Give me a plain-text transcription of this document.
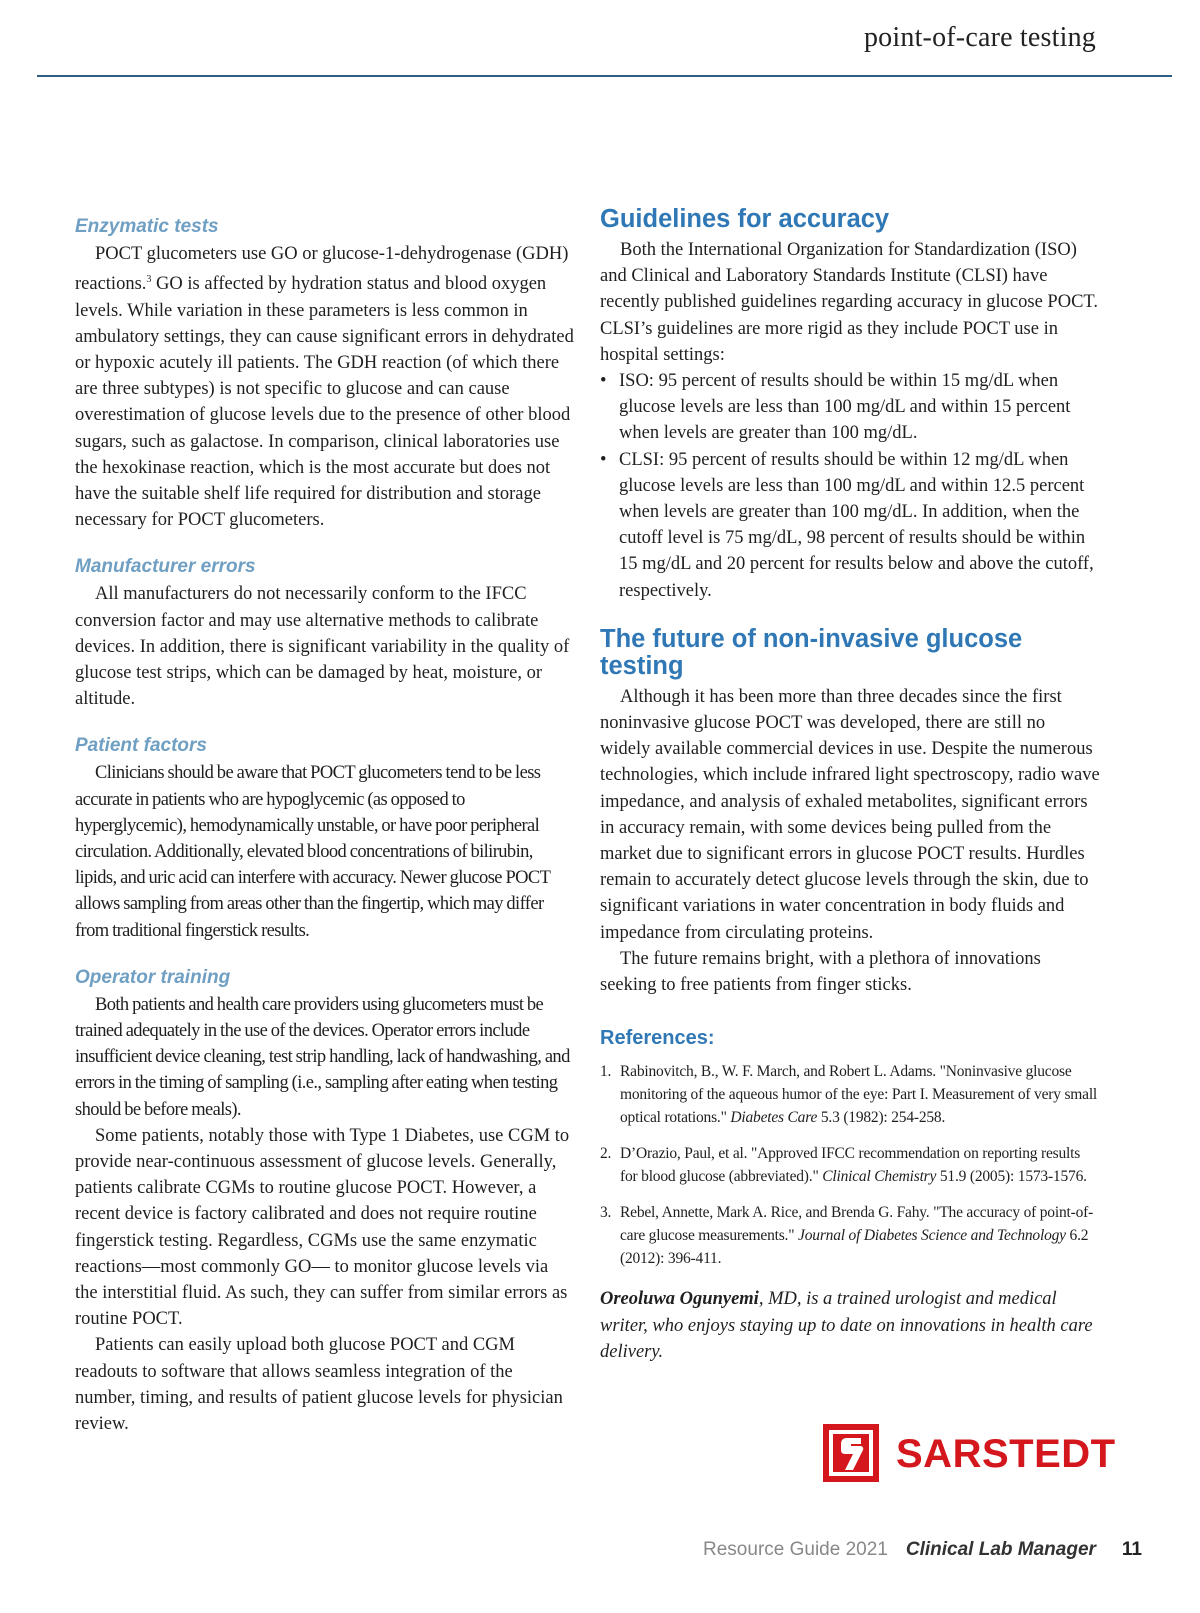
point-of-care testing
Enzymatic tests

POCT glucometers use GO or glucose-1-dehydrogenase (GDH) reactions.$^3$ GO is affected by hydration status and blood oxygen levels. While variation in these parameters is less common in ambulatory settings, they can cause significant errors in dehydrated or hypoxic acutely ill patients. The GDH reaction (of which there are three subtypes) is not specific to glucose and can cause overestimation of glucose levels due to the presence of other blood sugars, such as galactose. In comparison, clinical laboratories use the hexokinase reaction, which is the most accurate but does not have the suitable shelf life required for distribution and storage necessary for POCT glucometers.

Manufacturer errors

All manufacturers do not necessarily conform to the IFCC conversion factor and may use alternative methods to calibrate devices. In addition, there is significant variability in the quality of glucose test strips, which can be damaged by heat, moisture, or altitude.

Patient factors

Clinicians should be aware that POCT glucometers tend to be less accurate in patients who are hypoglycemic (as opposed to hyperglycemic), hemodynamically unstable, or have poor peripheral circulation. Additionally, elevated blood concentrations of bilirubin, lipids, and uric acid can interfere with accuracy. Newer glucose POCT allows sampling from areas other than the fingertip, which may differ from traditional fingerstick results.

Operator training

Both patients and health care providers using glucometers must be trained adequately in the use of the devices. Operator errors include insufficient device cleaning, test strip handling, lack of handwashing, and errors in the timing of sampling (i.e., sampling after eating when testing should be before meals).

Some patients, notably those with Type 1 Diabetes, use CGM to provide near-continuous assessment of glucose levels. Generally, patients calibrate CGMs to routine glucose POCT. However, a recent device is factory calibrated and does not require routine fingerstick testing. Regardless, CGMs use the same enzymatic reactions—most commonly GO— to monitor glucose levels via the interstitial fluid. As such, they can suffer from similar errors as routine POCT.

Patients can easily upload both glucose POCT and CGM readouts to software that allows seamless integration of the number, timing, and results of patient glucose levels for physician review.

Guidelines for accuracy

Both the International Organization for Standardization (ISO) and Clinical and Laboratory Standards Institute (CLSI) have recently published guidelines regarding accuracy in glucose POCT. CLSI’s guidelines are more rigid as they include POCT use in hospital settings:

• ISO: 95 percent of results should be within 15 mg/dL when glucose levels are less than 100 mg/dL and within 15 percent when levels are greater than 100 mg/dL.
• CLSI: 95 percent of results should be within 12 mg/dL when glucose levels are less than 100 mg/dL and within 12.5 percent when levels are greater than 100 mg/dL. In addition, when the cutoff level is 75 mg/dL, 98 percent of results should be within 15 mg/dL and 20 percent for results below and above the cutoff, respectively.
The future of non-invasive glucose testing

Although it has been more than three decades since the first noninvasive glucose POCT was developed, there are still no widely available commercial devices in use. Despite the numerous technologies, which include infrared light spectroscopy, radio wave impedance, and analysis of exhaled metabolites, significant errors in accuracy remain, with some devices being pulled from the market due to significant errors in glucose POCT results. Hurdles remain to accurately detect glucose levels through the skin, due to significant variations in water concentration in body fluids and impedance from circulating proteins.

The future remains bright, with a plethora of innovations seeking to free patients from finger sticks.

References:
1. Rabinovitch, B., W. F. March, and Robert L. Adams. "Noninvasive glucose monitoring of the aqueous humor of the eye: Part I. Measurement of very small optical rotations." Diabetes Care 5.3 (1982): 254-258.
2. D’Orazio, Paul, et al. "Approved IFCC recommendation on reporting results for blood glucose (abbreviated)." Clinical Chemistry 51.9 (2005): 1573-1576.
3. Rebel, Annette, Mark A. Rice, and Brenda G. Fahy. "The accuracy of point-of-care glucose measurements." Journal of Diabetes Science and Technology 6.2 (2012): 396-411.

Oreoluwa Ogunyemi, MD, is a trained urologist and medical writer, who enjoys staying up to date on innovations in health care delivery.

SARSTEDT
Resource Guide 2021 Clinical Lab Manager 11
